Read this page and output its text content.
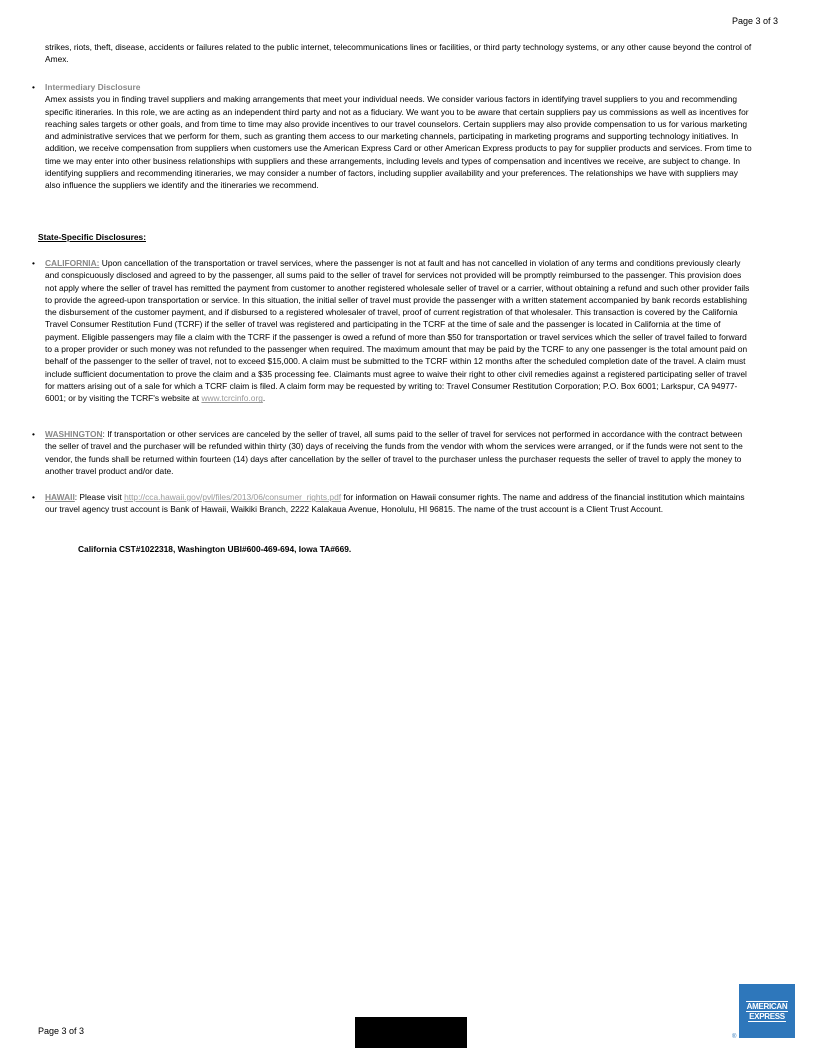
Page 3 of 3
strikes, riots, theft, disease, accidents or failures related to the public internet, telecommunications lines or facilities, or third party technology systems, or any other cause beyond the control of Amex.
• Intermediary Disclosure
Amex assists you in finding travel suppliers and making arrangements that meet your individual needs. We consider various factors in identifying travel suppliers to you and recommending specific itineraries. In this role, we are acting as an independent third party and not as a fiduciary. We want you to be aware that certain suppliers pay us commissions as well as incentives for reaching sales targets or other goals, and from time to time may also provide incentives to our travel counselors. Certain suppliers may also provide compensation to us for various marketing and administrative services that we perform for them, such as granting them access to our marketing channels, participating in marketing programs and supporting technology initiatives. In addition, we receive compensation from suppliers when customers use the American Express Card or other American Express products to pay for supplier products and services. From time to time we may enter into other business relationships with suppliers and these arrangements, including levels and types of compensation and incentives we receive, are subject to change. In identifying suppliers and recommending itineraries, we may consider a number of factors, including supplier availability and your preferences. The relationships we have with suppliers may also influence the suppliers we identify and the itineraries we recommend.
State-Specific Disclosures:
• CALIFORNIA: Upon cancellation of the transportation or travel services, where the passenger is not at fault and has not cancelled in violation of any terms and conditions previously clearly and conspicuously disclosed and agreed to by the passenger, all sums paid to the seller of travel for services not provided will be promptly reimbursed to the passenger. This provision does not apply where the seller of travel has remitted the payment from customer to another registered wholesale seller of travel or a carrier, without obtaining a refund and such other provider fails to provide the agreed-upon transportation or service. In this situation, the initial seller of travel must provide the passenger with a written statement accompanied by bank records establishing the disbursement of the customer payment, and if disbursed to a registered wholesaler of travel, proof of current registration of that wholesaler. This transaction is covered by the California Travel Consumer Restitution Fund (TCRF) if the seller of travel was registered and participating in the TCRF at the time of sale and the passenger is located in California at the time of payment. Eligible passengers may file a claim with the TCRF if the passenger is owed a refund of more than $50 for transportation or travel services which the seller of travel failed to forward to a proper provider or such money was not refunded to the passenger when required. The maximum amount that may be paid by the TCRF to any one passenger is the total amount paid on behalf of the passenger to the seller of travel, not to exceed $15,000. A claim must be submitted to the TCRF within 12 months after the scheduled completion date of the travel. A claim must include sufficient documentation to prove the claim and a $35 processing fee. Claimants must agree to waive their right to other civil remedies against a registered participating seller of travel for matters arising out of a sale for which a TCRF claim is filed. A claim form may be requested by writing to: Travel Consumer Restitution Corporation; P.O. Box 6001; Larkspur, CA 94977-6001; or by visiting the TCRF's website at www.tcrcinfo.org.
• WASHINGTON: If transportation or other services are canceled by the seller of travel, all sums paid to the seller of travel for services not performed in accordance with the contract between the seller of travel and the purchaser will be refunded within thirty (30) days of receiving the funds from the vendor with whom the services were arranged, or if the funds were not sent to the vendor, the funds shall be returned within fourteen (14) days after cancellation by the seller of travel to the purchaser unless the purchaser requests the seller of travel to apply the money to another travel product and/or date.
• HAWAII: Please visit http://cca.hawaii.gov/pvl/files/2013/06/consumer_rights.pdf for information on Hawaii consumer rights. The name and address of the financial institution which maintains our travel agency trust account is Bank of Hawaii, Waikiki Branch, 2222 Kalakaua Avenue, Honolulu, HI 96815. The name of the trust account is a Client Trust Account.
California CST#1022318, Washington UBI#600-469-694, Iowa TA#669.
Page 3 of 3
AMERICAN
EXPRESS
®
